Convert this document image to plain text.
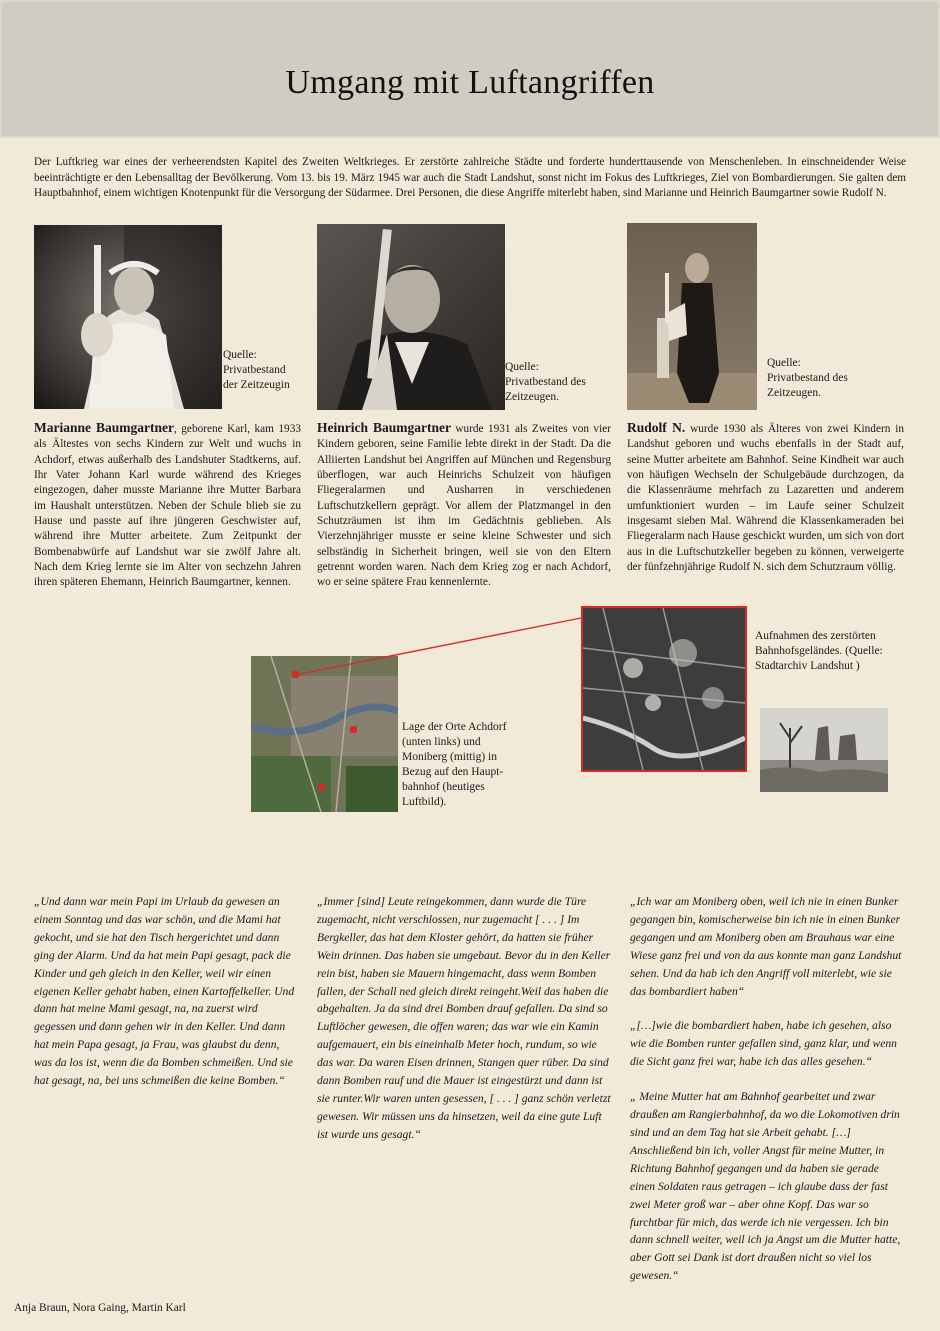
Umgang mit Luftangriffen
Der Luftkrieg war eines der verheerendsten Kapitel des Zweiten Weltkrieges. Er zerstörte zahlreiche Städte und forderte hunderttausende von Menschenleben. In einschneidender Weise beeinträchtigte er den Lebensalltag der Bevölkerung. Vom 13. bis 19. März 1945 war auch die Stadt Landshut, sonst nicht im Fokus des Luftkrieges, Ziel von Bombardierungen. Sie galten dem Hauptbahnhof, einem wichtigen Knotenpunkt für die Versorgung der Südarmee. Drei Personen, die diese Angriffe miterlebt haben, sind Marianne und Heinrich Baumgartner sowie Rudolf N.
Quelle: Privatbestand der Zeitzeugin
Quelle: Privatbestand des Zeitzeugen.
Quelle: Privatbestand des Zeitzeugen.
Marianne Baumgartner, geborene Karl, kam 1933 als Ältestes von sechs Kindern zur Welt und wuchs in Achdorf, etwas außerhalb des Landshuter Stadtkerns, auf. Ihr Vater Johann Karl wurde während des Krieges eingezogen, daher musste Marianne ihre Mutter Barbara im Haushalt unterstützen. Neben der Schule blieb sie zu Hause und passte auf ihre jüngeren Geschwister auf, während ihre Mutter arbeitete. Zum Zeitpunkt der Bombenabwürfe auf Landshut war sie zwölf Jahre alt. Nach dem Krieg lernte sie im Alter von sechzehn Jahren ihren späteren Ehemann, Heinrich Baumgartner, kennen.
Heinrich Baumgartner wurde 1931 als Zweites von vier Kindern geboren, seine Familie lebte direkt in der Stadt. Da die Alliierten Landshut bei Angriffen auf München und Regensburg überflogen, war auch Heinrichs Schulzeit von häufigen Fliegeralarmen und Ausharren in verschiedenen Luftschutzkellern geprägt. Vor allem der Platzmangel in den Schutzräumen ist ihm im Gedächtnis geblieben. Als Vierzehnjähriger musste er seine kleine Schwester und sich selbständig in Sicherheit bringen, weil sie von den Eltern getrennt worden waren. Nach dem Krieg zog er nach Achdorf, wo er seine spätere Frau kennenlernte.
Rudolf N. wurde 1930 als Älteres von zwei Kindern in Landshut geboren und wuchs ebenfalls in der Stadt auf, seine Mutter arbeitete am Bahnhof. Seine Kindheit war auch von häufigen Wechseln der Schulgebäude durchzogen, da die Klassenräume mehrfach zu Lazaretten und anderem umfunktioniert wurden – im Laufe seiner Schulzeit insgesamt sieben Mal. Während die Klassenkameraden bei Fliegeralarm nach Hause geschickt wurden, um sich von dort aus in die Luftschutzkeller begeben zu können, verweigerte der fünfzehnjährige Rudolf N. sich dem Schutzraum völlig.
Aufnahmen des zerstörten Bahnhofsgeländes. (Quelle: Stadtarchiv Landshut )
Lage der Orte Achdorf (unten links) und Moniberg (mittig) in Bezug auf den Haupt-bahnhof (heutiges Luftbild).

„Und dann war mein Papi im Urlaub da gewesen an einem Sonntag und das war schön, und die Mami hat gekocht, und sie hat den Tisch hergerichtet und dann ging der Alarm. Und da hat mein Papi gesagt, pack die Kinder und geh gleich in den Keller, weil wir einen eigenen Keller gehabt haben, einen Kartoffelkeller. Und dann hat meine Mami gesagt, na, na zuerst wird gegessen und dann gehen wir in den Keller. Und dann hat mein Papa gesagt, ja Frau, was glaubst du denn, was da los ist, wenn die da Bomben schmeißen. Und sie hat gesagt, na, bei uns schmeißen die keine Bomben.“

„Immer [sind] Leute reingekommen, dann wurde die Türe zugemacht, nicht verschlossen, nur zugemacht [ . . . ] Im Bergkeller, das hat dem Kloster gehört, da hatten sie früher Wein drinnen. Das haben sie umgebaut. Bevor du in den Keller rein bist, haben sie Mauern hingemacht, dass wenn Bomben fallen, der Schall ned gleich direkt reingeht.Weil das haben die abgehalten. Ja da sind drei Bomben drauf gefallen. Da sind so Luftlöcher gewesen, die offen waren; das war wie ein Kamin aufgemauert, ein bis eineinhalb Meter hoch, rundum, so wie das war. Da waren Eisen drinnen, Stangen quer rüber. Da sind dann Bomben rauf und die Mauer ist eingestürzt und dann ist sie runter.Wir waren unten gesessen, [ . . . ] ganz schön verletzt gewesen. Wir müssen uns da hinsetzen, weil da eine gute Luft ist wurde uns gesagt.“

„Ich war am Moniberg oben, weil ich nie in einen Bunker gegangen bin, komischerweise bin ich nie in einen Bunker gegangen und am Moniberg oben am Brauhaus war eine Wiese ganz frei und von da aus konnte man ganz Landshut sehen. Und da hab ich den Angriff voll miterlebt, wie sie das bombardiert haben“

„[…]wie die bombardiert haben, habe ich gesehen, also wie die Bomben runter gefallen sind, ganz klar, und wenn die Sicht ganz frei war, habe ich das alles gesehen.“

„ Meine Mutter hat am Bahnhof gearbeitet und zwar draußen am Rangierbahnhof, da wo die Lokomotiven drin sind und an dem Tag hat sie Arbeit gehabt. […] Anschließend bin ich, voller Angst für meine Mutter, in Richtung Bahnhof gegangen und da haben sie gerade einen Soldaten raus getragen – ich glaube dass der fast zwei Meter groß war – aber ohne Kopf. Das war so furchtbar für mich, das werde ich nie vergessen. Ich bin dann schnell weiter, weil ich ja Angst um die Mutter hatte, aber Gott sei Dank ist dort draußen nicht so viel los gewesen.“

Anja Braun, Nora Gaing, Martin Karl
